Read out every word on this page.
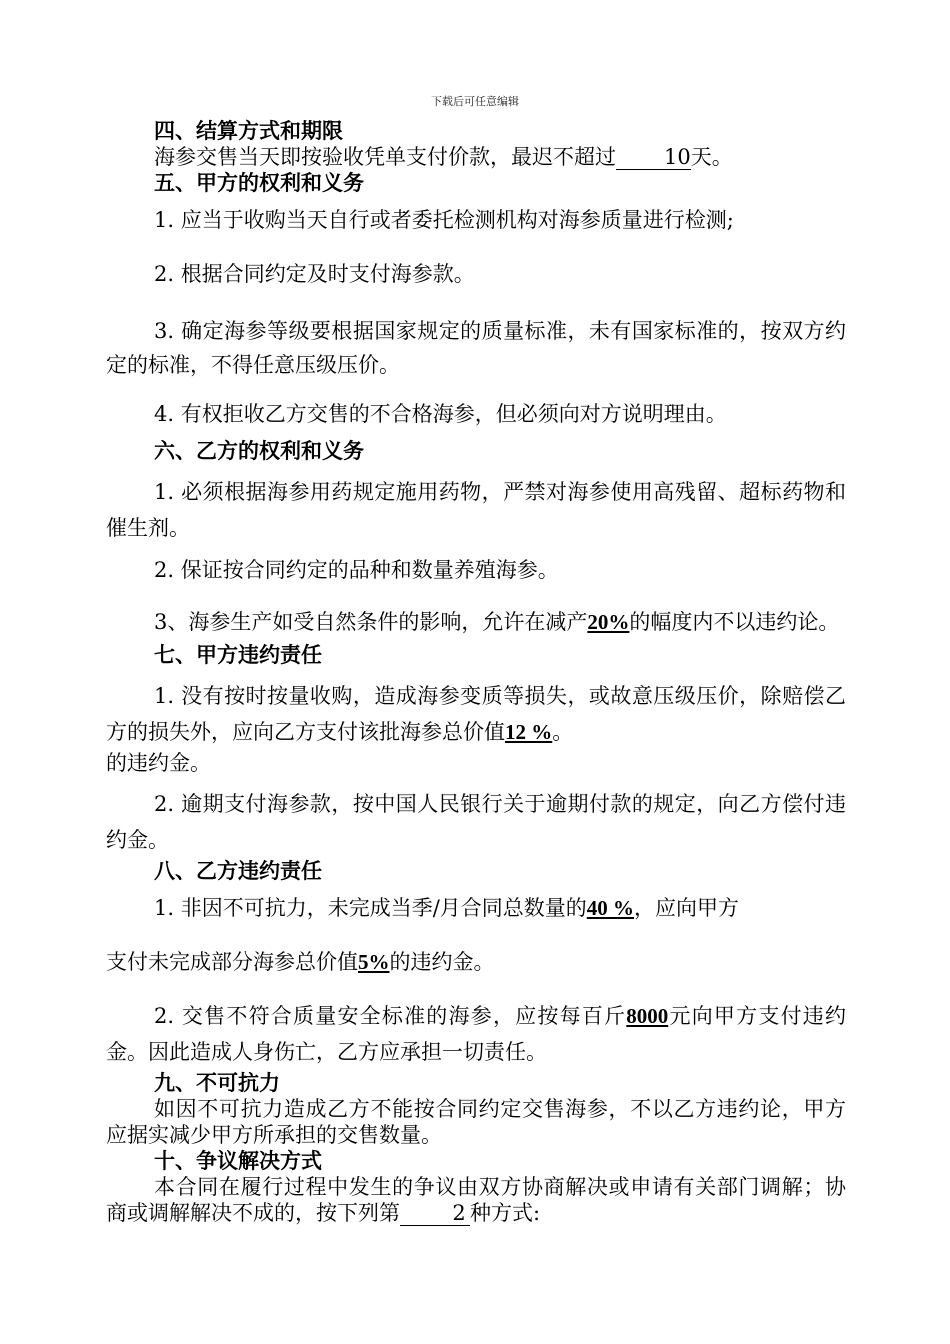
下载后可任意编辑

四、结算方式和期限

海参交售当天即按验收凭单支付价款，最迟不超过 10天。

五、甲方的权利和义务

1. 应当于收购当天自行或者委托检测机构对海参质量进行检测;

2. 根据合同约定及时支付海参款。

3. 确定海参等级要根据国家规定的质量标准，未有国家标准的，按双方约定的标准，不得任意压级压价。

4. 有权拒收乙方交售的不合格海参，但必须向对方说明理由。

六、乙方的权利和义务

1. 必须根据海参用药规定施用药物，严禁对海参使用高残留、超标药物和催生剂。

2. 保证按合同约定的品种和数量养殖海参。

3、海参生产如受自然条件的影响，允许在减产20%的幅度内不以违约论。

七、甲方违约责任

1. 没有按时按量收购，造成海参变质等损失，或故意压级压价，除赔偿乙方的损失外，应向乙方支付该批海参总价值12 %。

的违约金。

2. 逾期支付海参款，按中国人民银行关于逾期付款的规定，向乙方偿付违约金。

八、乙方违约责任

1. 非因不可抗力，未完成当季/月合同总数量的40 %，应向甲方

支付未完成部分海参总价值5%的违约金。

2. 交售不符合质量安全标准的海参，应按每百斤8000元向甲方支付违约金。因此造成人身伤亡，乙方应承担一切责任。

九、不可抗力

如因不可抗力造成乙方不能按合同约定交售海参，不以乙方违约论，甲方应据实减少甲方所承担的交售数量。

十、争议解决方式

本合同在履行过程中发生的争议由双方协商解决或申请有关部门调解；协商或调解解决不成的，按下列第 2 种方式:
